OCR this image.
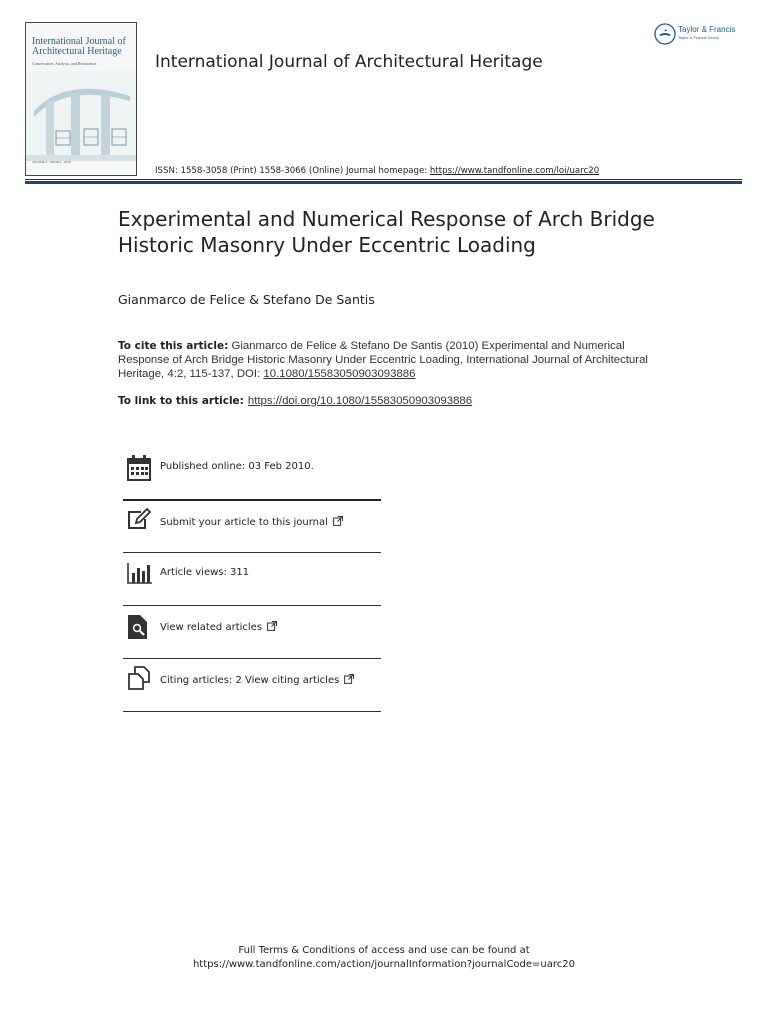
International Journal of Architectural Heritage
Conservation, Analysis, and Restoration
VOLUME 4 · ISSUE 2 · 2010
International Journal of Architectural Heritage
Taylor & Francis
Taylor & Francis Group
ISSN: 1558-3058 (Print) 1558-3066 (Online) Journal homepage: https://www.tandfonline.com/loi/uarc20
Experimental and Numerical Response of Arch Bridge Historic Masonry Under Eccentric Loading
Gianmarco de Felice & Stefano De Santis
To cite this article: Gianmarco de Felice & Stefano De Santis (2010) Experimental and Numerical Response of Arch Bridge Historic Masonry Under Eccentric Loading, International Journal of Architectural Heritage, 4:2, 115-137, DOI: 10.1080/15583050903093886
To link to this article: https://doi.org/10.1080/15583050903093886
Published online: 03 Feb 2010.
Submit your article to this journal
Article views: 311
View related articles
Citing articles: 2 View citing articles
Full Terms & Conditions of access and use can be found at
https://www.tandfonline.com/action/journalInformation?journalCode=uarc20
